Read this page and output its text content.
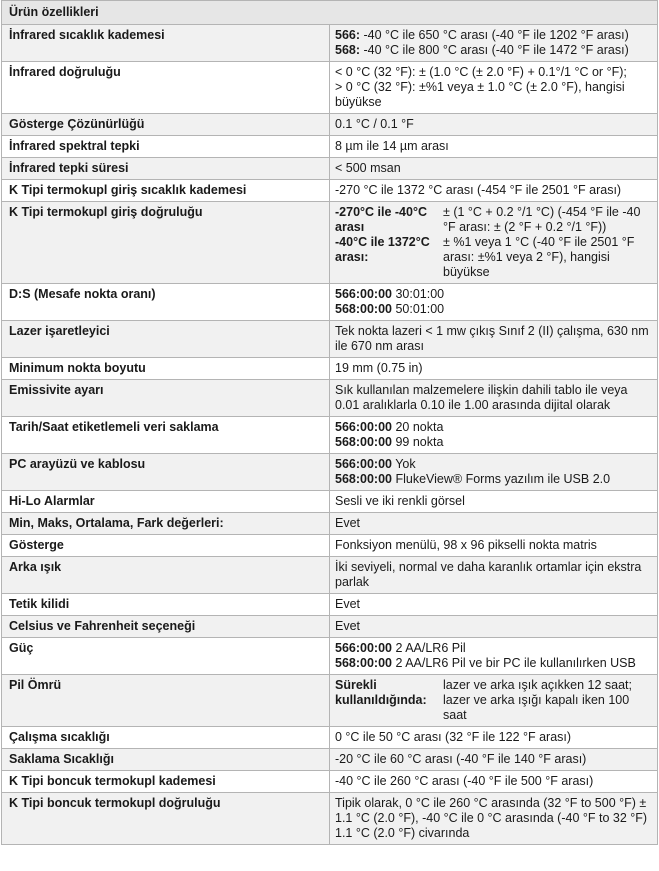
Ürün özellikleri	
İnfrared sıcaklık kademesi	566: -40 °C ile 650 °C arası (-40 °F ile 1202 °F arası)
568: -40 °C ile 800 °C arası (-40 °F ile 1472 °F arası)

İnfrared doğruluğu	< 0 °C (32 °F): ± (1.0 °C (± 2.0 °F) + 0.1°/1 °C or °F);
> 0 °C (32 °F): ±%1 veya ± 1.0 °C (± 2.0 °F), hangisi büyükse

Gösterge Çözünürlüğü	0.1 °C / 0.1 °F

İnfrared spektral tepki	8 µm ile 14 µm arası

İnfrared tepki süresi	< 500 msan

K Tipi termokupl giriş sıcaklık kademesi	-270 °C ile 1372 °C arası (-454 °F ile 2501 °F arası)

K Tipi termokupl giriş doğruluğu	-270°C ile -40°C arası
± (1 °C + 0.2 °/1 °C) (-454 °F ile -40 °F arası: ± (2 °F + 0.2 °/1 °F))
-40°C ile 1372°C arası:
± %1 veya 1 °C (-40 °F ile 2501 °F arası: ±%1 veya 2 °F), hangisi büyükse

D:S (Mesafe nokta oranı)	566:00:00 30:01:00
568:00:00 50:01:00

Lazer işaretleyici	Tek nokta lazeri < 1 mw çıkış Sınıf 2 (II) çalışma, 630 nm ile 670 nm arası

Minimum nokta boyutu	19 mm (0.75 in)

Emissivite ayarı	Sık kullanılan malzemelere ilişkin dahili tablo ile veya 0.01 aralıklarla 0.10 ile 1.00 arasında dijital olarak

Tarih/Saat etiketlemeli veri saklama	566:00:00 20 nokta
568:00:00 99 nokta

PC arayüzü ve kablosu	566:00:00 Yok
568:00:00 FlukeView® Forms yazılım ile USB 2.0

Hi-Lo Alarmlar	Sesli ve iki renkli görsel

Min, Maks, Ortalama, Fark değerleri:	Evet

Gösterge	Fonksiyon menülü, 98 x 96 pikselli nokta matris

Arka ışık	İki seviyeli, normal ve daha karanlık ortamlar için ekstra parlak

Tetik kilidi	Evet

Celsius ve Fahrenheit seçeneği	Evet

Güç	566:00:00 2 AA/LR6 Pil
568:00:00 2 AA/LR6 Pil ve bir PC ile kullanılırken USB

Pil Ömrü	Sürekli kullanıldığında:
lazer ve arka ışık açıkken 12 saat; lazer ve arka ışığı kapalı iken 100 saat

Çalışma sıcaklığı	0 °C ile 50 °C arası (32 °F ile 122 °F arası)

Saklama Sıcaklığı	-20 °C ile 60 °C arası (-40 °F ile 140 °F arası)

K Tipi boncuk termokupl kademesi	-40 °C ile 260 °C arası (-40 °F ile 500 °F arası)

K Tipi boncuk termokupl doğruluğu	Tipik olarak, 0 °C ile 260 °C arasında (32 °F to 500 °F) ± 1.1 °C (2.0 °F), -40 °C ile 0 °C arasında (-40 °F to 32 °F) 1.1 °C (2.0 °F) civarında
